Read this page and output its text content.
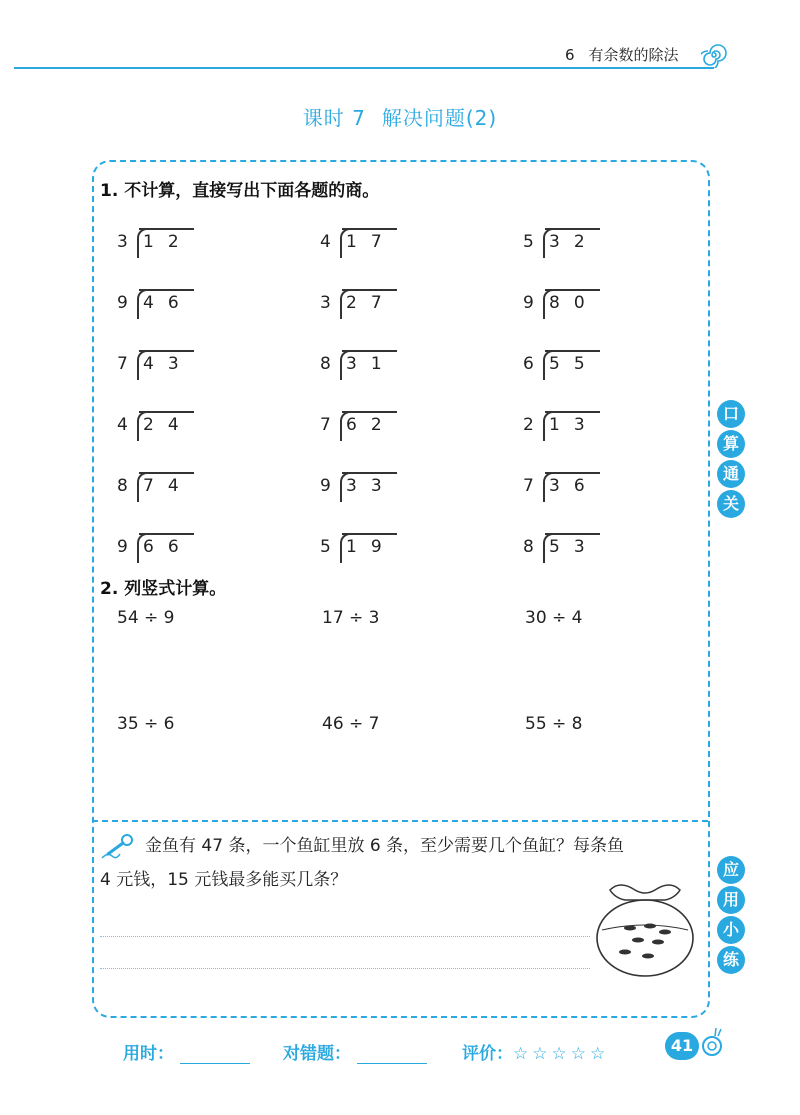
6 有余数的除法
课时 7 解决问题(2)
1. 不计算，直接写出下面各题的商。
3 12	4 17	5 32
9 46	3 27	9 80
7 43	8 31	6 55
4 24	7 62	2 13
8 74	9 33	7 36
9 66	5 19	8 53
2. 列竖式计算。
54 ÷ 9	17 ÷ 3	30 ÷ 4
35 ÷ 6	46 ÷ 7	55 ÷ 8
口
算
通
关
应
用
小
练
金鱼有 47 条，一个鱼缸里放 6 条，至少需要几个鱼缸？每条鱼
4 元钱，15 元钱最多能买几条？
用时：	对错题：	评价：☆☆☆☆☆	41
